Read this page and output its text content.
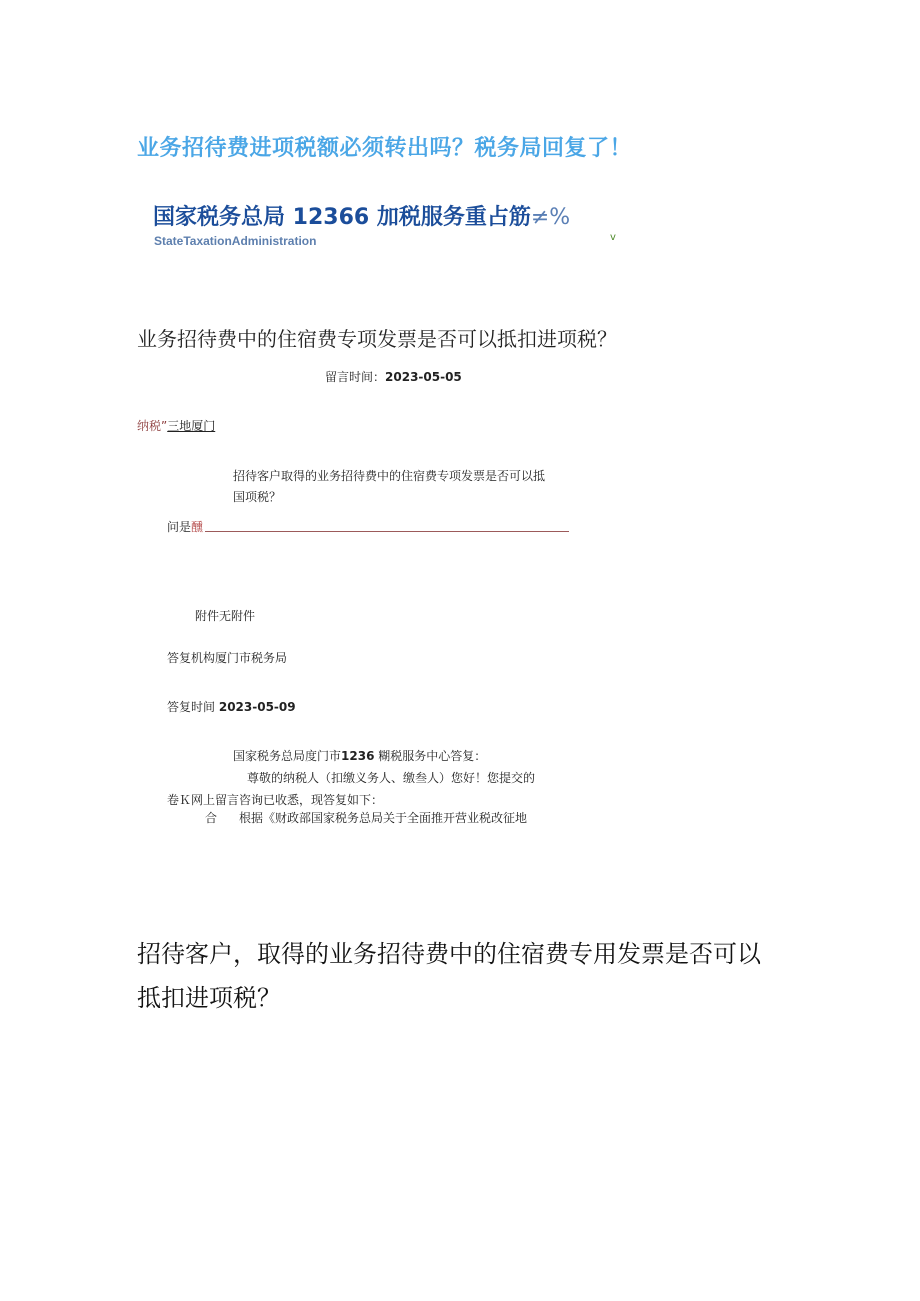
业务招待费进项税额必须转出吗？税务局回复了！
国家税务总局 12366 加税服务重占筋≠%
StateTaxationAdministration	v
业务招待费中的住宿费专项发票是否可以抵扣进项税？
留言时间：2023-05-05
纳税”三地厦门
招待客户取得的业务招待费中的住宿费专项发票是否可以抵
国项税？
问是 醺
附件无附件
答复机构厦门市税务局
答复时间 2023-05-09
国家税务总局度门市1236 糊税服务中心答复：
尊敬的纳税人（扣缴义务人、缴叁人）您好！您提交的
卷Ｋ网上留言咨询已收悉，现答复如下：
合 根据《财政部国家税务总局关于全面推开营业税改征地
招待客户，取得的业务招待费中的住宿费专用发票是否可以抵扣进项税？
